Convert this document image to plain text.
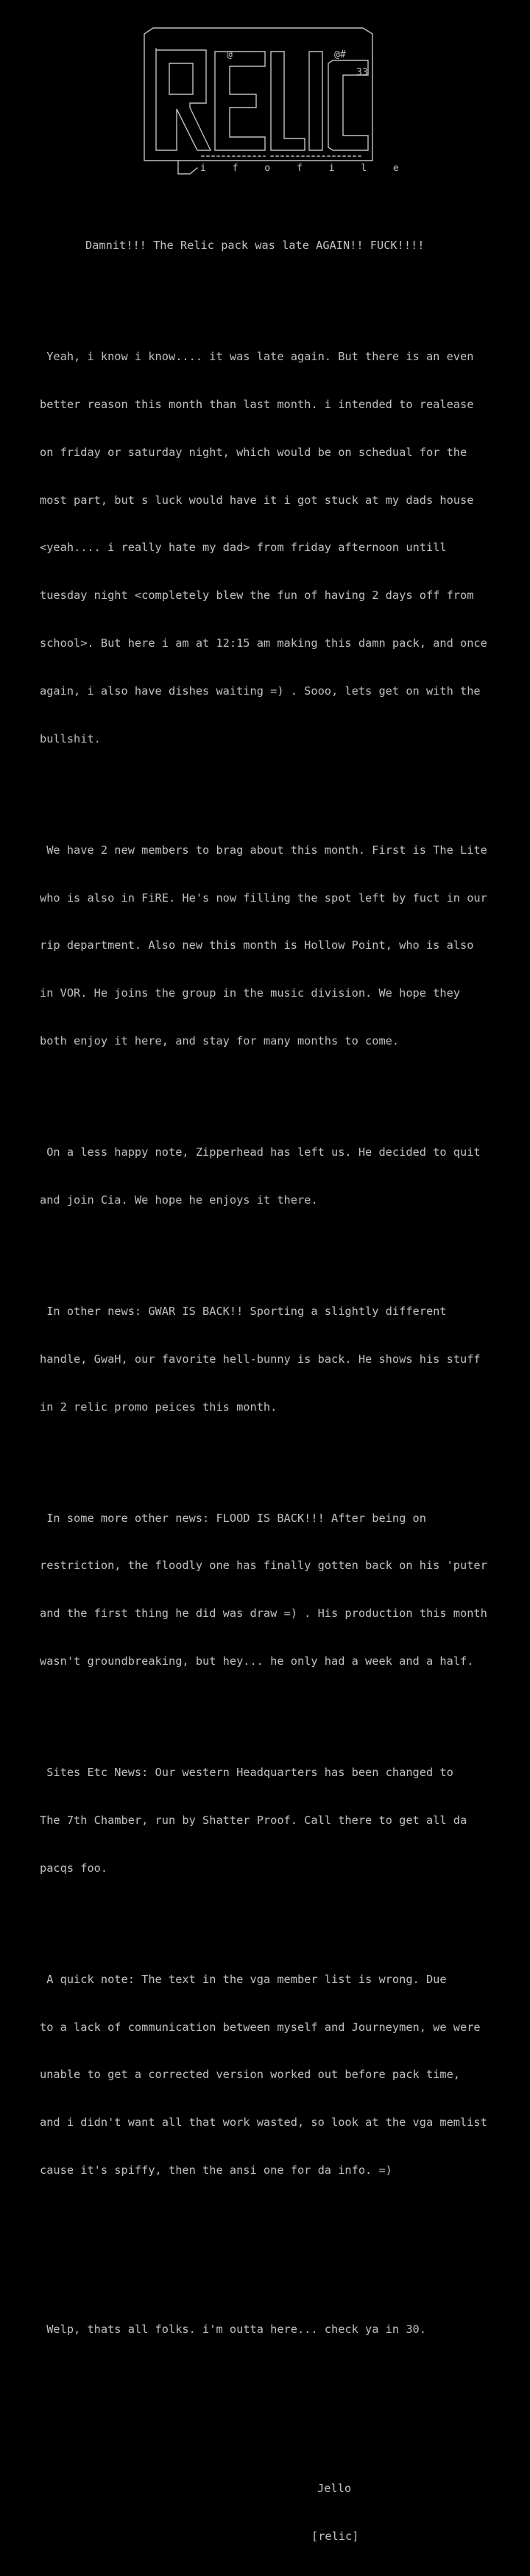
@	@#
33
i f o f i l e

Damnit!!! The Relic pack was late AGAIN!! FUCK!!!!

Yeah, i know i know.... it was late again. But there is an even

better reason this month than last month. i intended to realease

on friday or saturday night, which would be on schedual for the

most part, but s luck would have it i got stuck at my dads house

<yeah.... i really hate my dad> from friday afternoon untill

tuesday night <completely blew the fun of having 2 days off from

school>. But here i am at 12:15 am making this damn pack, and once

again, i also have dishes waiting =) . Sooo, lets get on with the

bullshit.

We have 2 new members to brag about this month. First is The Lite

who is also in FiRE. He's now filling the spot left by fuct in our

rip department. Also new this month is Hollow Point, who is also

in VOR. He joins the group in the music division. We hope they

both enjoy it here, and stay for many months to come.

On a less happy note, Zipperhead has left us. He decided to quit

and join Cia. We hope he enjoys it there.

In other news: GWAR IS BACK!! Sporting a slightly different

handle, GwaH, our favorite hell-bunny is back. He shows his stuff

in 2 relic promo peices this month.

In some more other news: FLOOD IS BACK!!! After being on

restriction, the floodly one has finally gotten back on his 'puter

and the first thing he did was draw =) . His production this month

wasn't groundbreaking, but hey... he only had a week and a half.

Sites Etc News: Our western Headquarters has been changed to

The 7th Chamber, run by Shatter Proof. Call there to get all da

pacqs foo.

A quick note: The text in the vga member list is wrong. Due

to a lack of communication between myself and Journeymen, we were

unable to get a corrected version worked out before pack time,

and i didn't want all that work wasted, so look at the vga memlist

cause it's spiffy, then the ansi one for da info. =)

Welp, thats all folks. i'm outta here... check ya in 30.

Jello

[relic]
